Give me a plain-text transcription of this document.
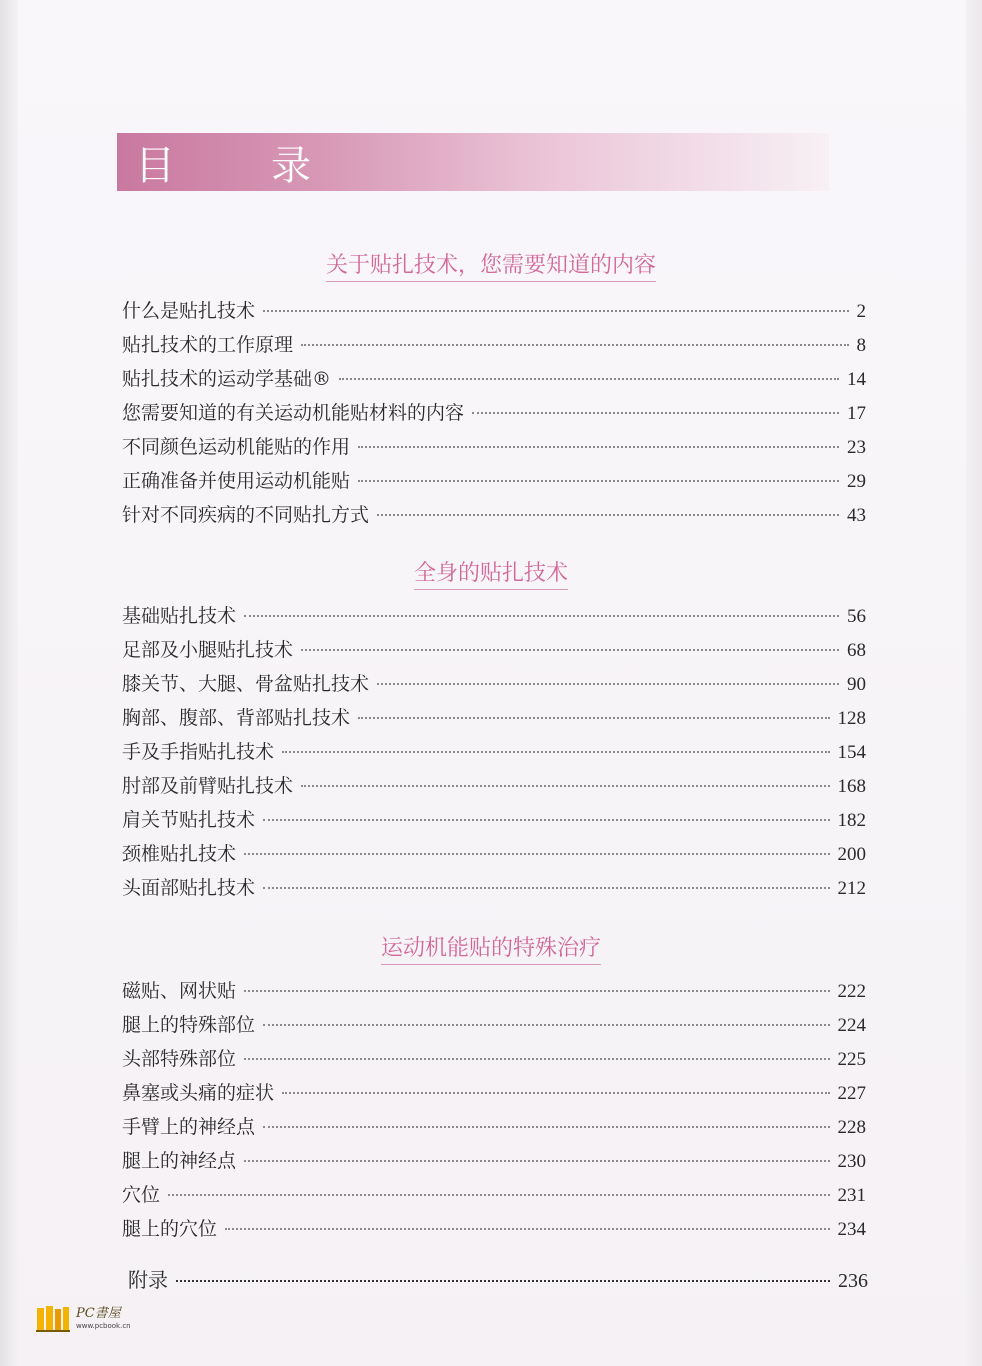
目　录
关于贴扎技术，您需要知道的内容
什么是贴扎技术	2
贴扎技术的工作原理	8
贴扎技术的运动学基础®	14
您需要知道的有关运动机能贴材料的内容	17
不同颜色运动机能贴的作用	23
正确准备并使用运动机能贴	29
针对不同疾病的不同贴扎方式	43
全身的贴扎技术
基础贴扎技术	56
足部及小腿贴扎技术	68
膝关节、大腿、骨盆贴扎技术	90
胸部、腹部、背部贴扎技术	128
手及手指贴扎技术	154
肘部及前臂贴扎技术	168
肩关节贴扎技术	182
颈椎贴扎技术	200
头面部贴扎技术	212
运动机能贴的特殊治疗
磁贴、网状贴	222
腿上的特殊部位	224
头部特殊部位	225
鼻塞或头痛的症状	227
手臂上的神经点	228
腿上的神经点	230
穴位	231
腿上的穴位	234
附录	236
PC書屋
www.pcbook.cn
